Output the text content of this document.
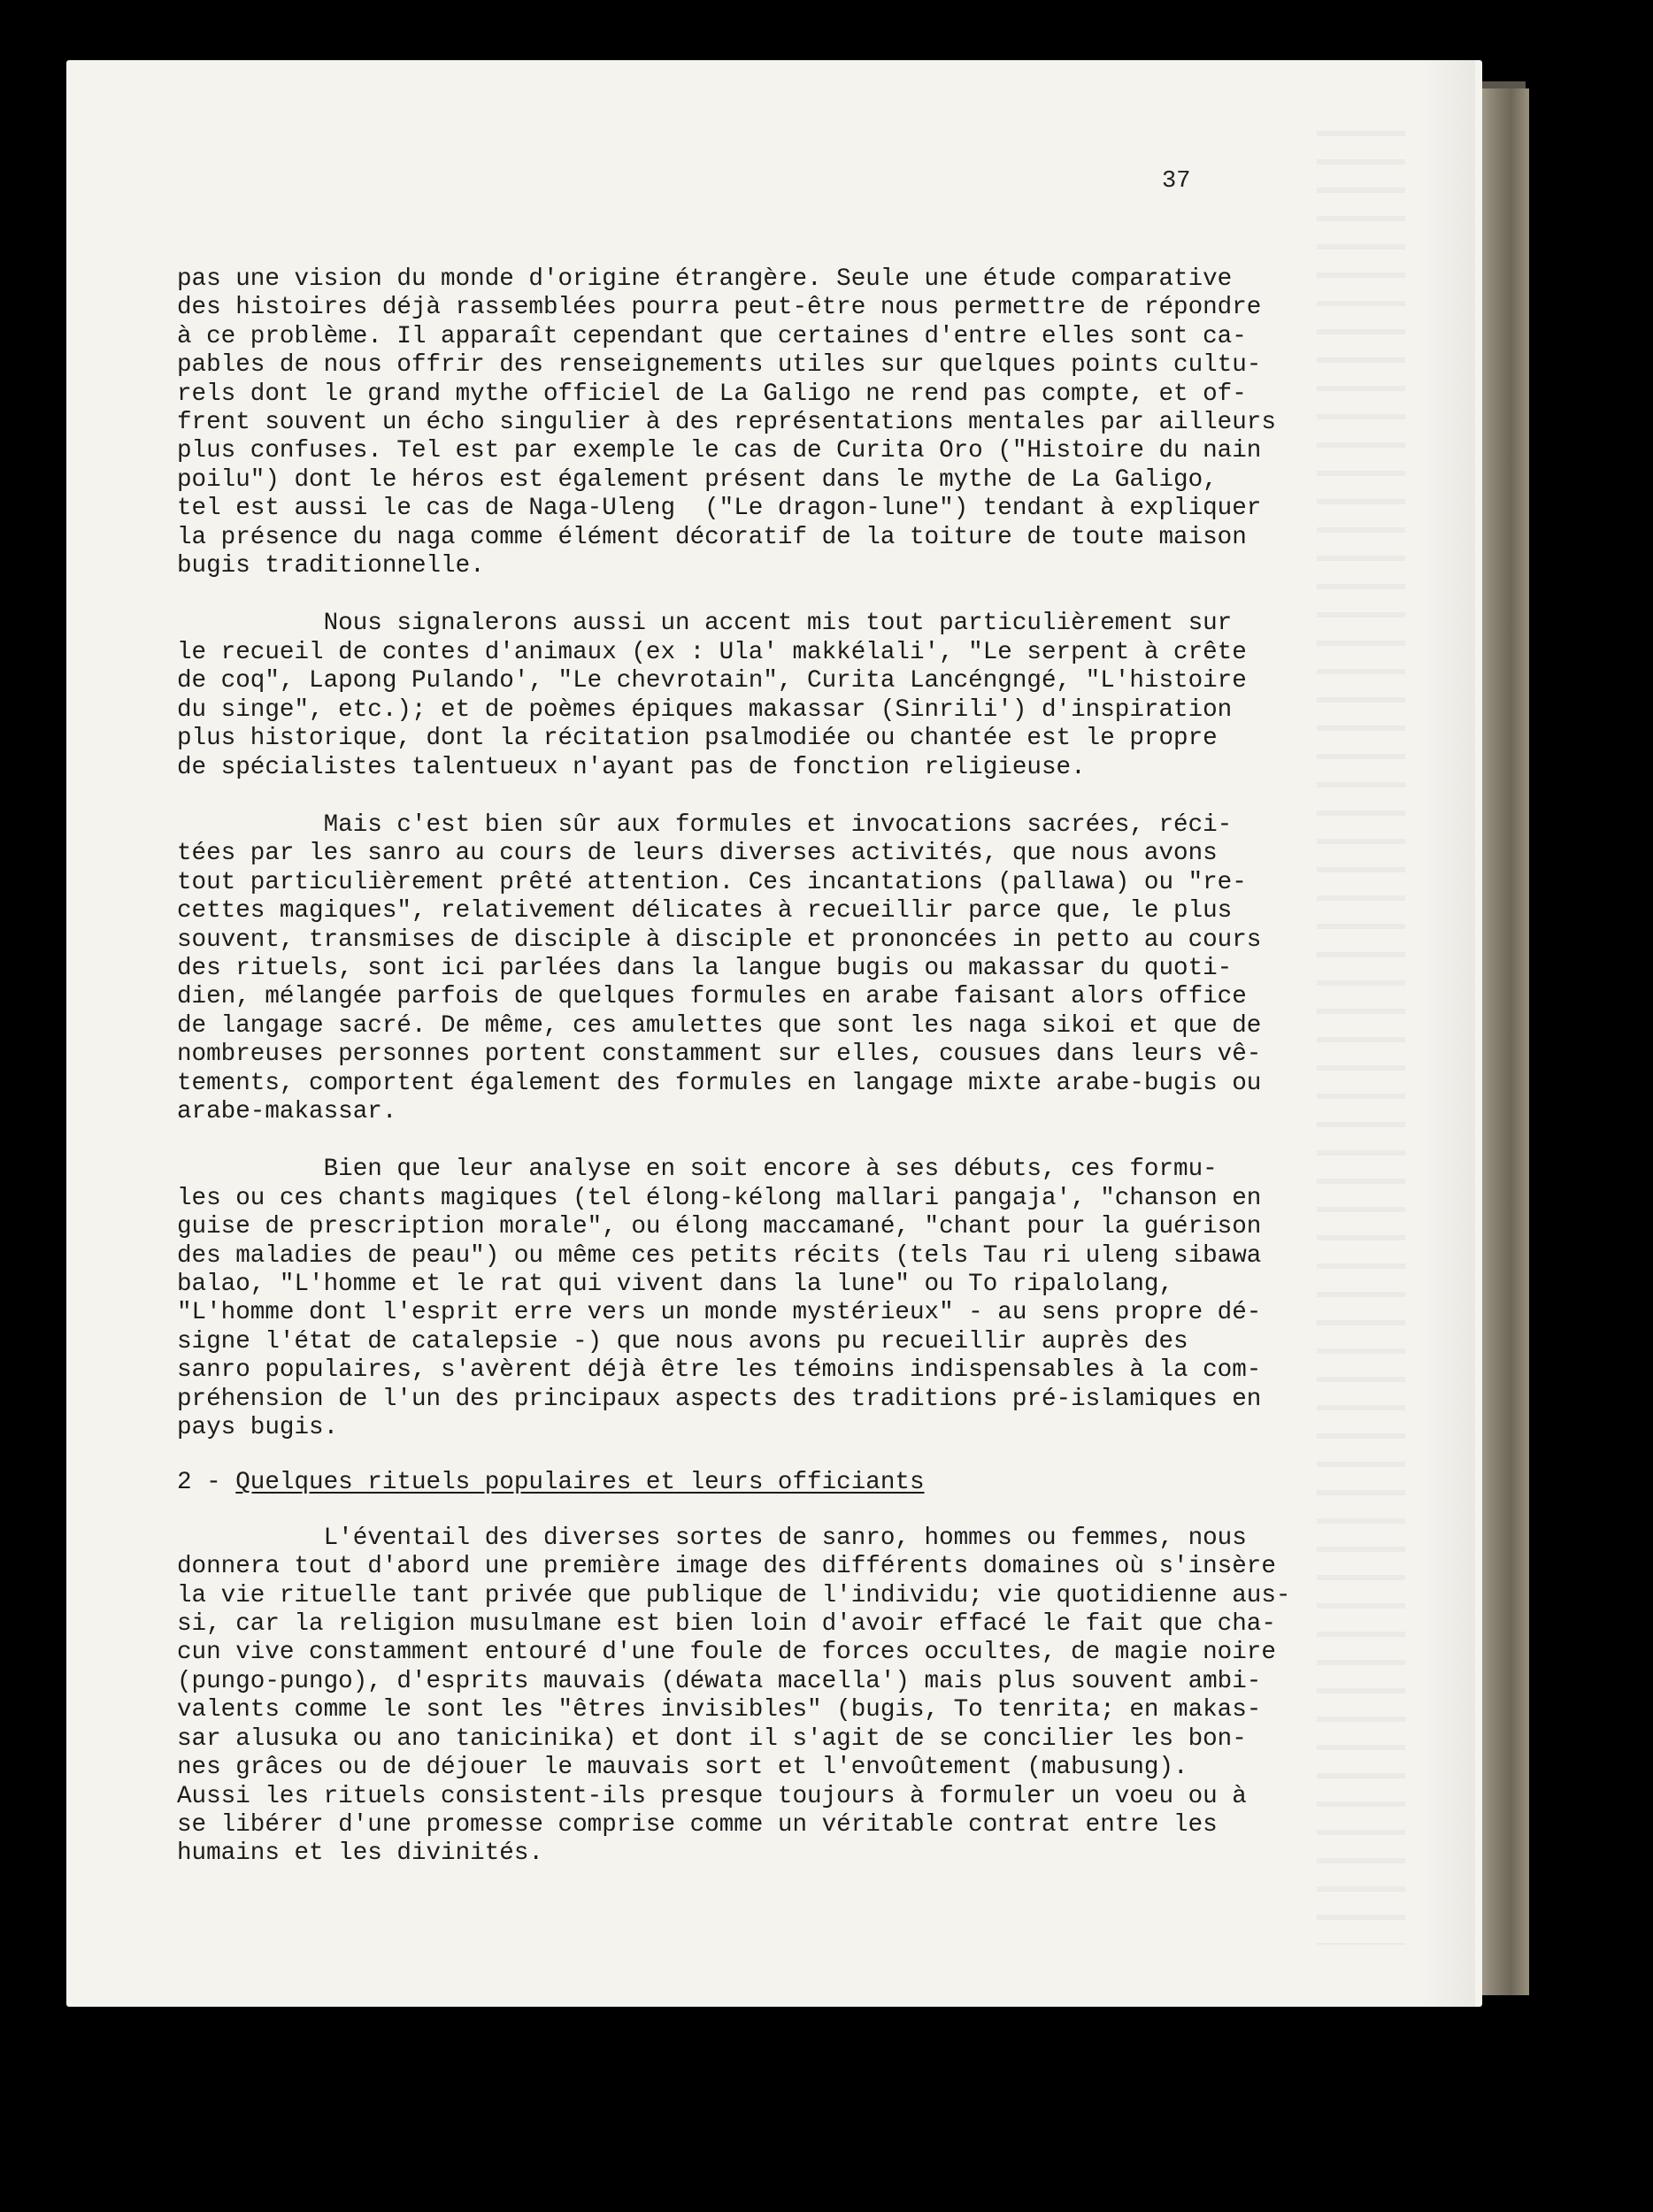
37

pas une vision du monde d'origine étrangère. Seule une étude comparative
des histoires déjà rassemblées pourra peut-être nous permettre de répondre
à ce problème. Il apparaît cependant que certaines d'entre elles sont ca-
pables de nous offrir des renseignements utiles sur quelques points cultu-
rels dont le grand mythe officiel de La Galigo ne rend pas compte, et of-
frent souvent un écho singulier à des représentations mentales par ailleurs
plus confuses. Tel est par exemple le cas de Curita Oro ("Histoire du nain
poilu") dont le héros est également présent dans le mythe de La Galigo,
tel est aussi le cas de Naga-Uleng  ("Le dragon-lune") tendant à expliquer
la présence du naga comme élément décoratif de la toiture de toute maison
bugis traditionnelle.
Nous signalerons aussi un accent mis tout particulièrement sur
le recueil de contes d'animaux (ex : Ula' makkélali', "Le serpent à crête
de coq", Lapong Pulando', "Le chevrotain", Curita Lancéngngé, "L'histoire
du singe", etc.); et de poèmes épiques makassar (Sinrili') d'inspiration
plus historique, dont la récitation psalmodiée ou chantée est le propre
de spécialistes talentueux n'ayant pas de fonction religieuse.
Mais c'est bien sûr aux formules et invocations sacrées, réci-
tées par les sanro au cours de leurs diverses activités, que nous avons
tout particulièrement prêté attention. Ces incantations (pallawa) ou "re-
cettes magiques", relativement délicates à recueillir parce que, le plus
souvent, transmises de disciple à disciple et prononcées in petto au cours
des rituels, sont ici parlées dans la langue bugis ou makassar du quoti-
dien, mélangée parfois de quelques formules en arabe faisant alors office
de langage sacré. De même, ces amulettes que sont les naga sikoi et que de
nombreuses personnes portent constamment sur elles, cousues dans leurs vê-
tements, comportent également des formules en langage mixte arabe-bugis ou
arabe-makassar.
Bien que leur analyse en soit encore à ses débuts, ces formu-
les ou ces chants magiques (tel élong-kélong mallari pangaja', "chanson en
guise de prescription morale", ou élong maccamané, "chant pour la guérison
des maladies de peau") ou même ces petits récits (tels Tau ri uleng sibawa
balao, "L'homme et le rat qui vivent dans la lune" ou To ripalolang,
"L'homme dont l'esprit erre vers un monde mystérieux" - au sens propre dé-
signe l'état de catalepsie -) que nous avons pu recueillir auprès des
sanro populaires, s'avèrent déjà être les témoins indispensables à la com-
préhension de l'un des principaux aspects des traditions pré-islamiques en
pays bugis.
2 - Quelques rituels populaires et leurs officiants
L'éventail des diverses sortes de sanro, hommes ou femmes, nous
donnera tout d'abord une première image des différents domaines où s'insère
la vie rituelle tant privée que publique de l'individu; vie quotidienne aus-
si, car la religion musulmane est bien loin d'avoir effacé le fait que cha-
cun vive constamment entouré d'une foule de forces occultes, de magie noire
(pungo-pungo), d'esprits mauvais (déwata macella') mais plus souvent ambi-
valents comme le sont les "êtres invisibles" (bugis, To tenrita; en makas-
sar alusuka ou ano tanicinika) et dont il s'agit de se concilier les bon-
nes grâces ou de déjouer le mauvais sort et l'envoûtement (mabusung).
Aussi les rituels consistent-ils presque toujours à formuler un voeu ou à
se libérer d'une promesse comprise comme un véritable contrat entre les
humains et les divinités.
